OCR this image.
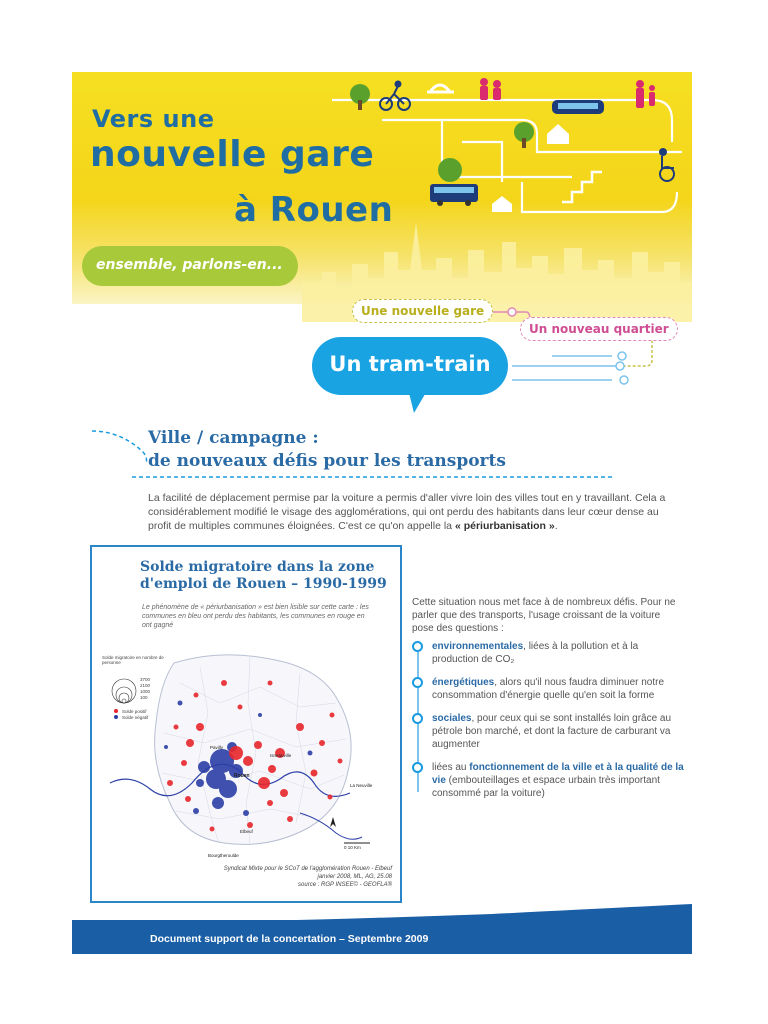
Vers une
nouvelle gare
à Rouen
ensemble, parlons-en...
Une nouvelle gare
Un nouveau quartier
Un tram-train
Ville / campagne :
de nouveaux défis pour les transports

La facilité de déplacement permise par la voiture a permis d'aller vivre loin des villes tout en y travaillant. Cela a considérablement modifié le visage des agglomérations, qui ont perdu des habitants dans leur cœur dense au profit de multiples communes éloignées. C'est ce qu'on appelle la « périurbanisation ».

Solde migratoire dans la zone
d'emploi de Rouen – 1990-1999
Le phénomène de « périurbanisation » est bien lisible sur cette carte : les communes en bleu ont perdu des habitants, les communes en rouge en ont gagné
Solde migratoire en nombre de personne
3700
2100
1000
100
Solde positif
Solde négatif
Pavilly
Isneauville
Rouen
La Neuville
Elbeuf
Bourgtheroulde
0 10 Km
Syndicat Mixte pour le SCoT de l'agglomération Rouen - Elbeuf
janvier 2008, ML, AG, 25.08
source : RGP INSEE© - GEOFLA®
Cette situation nous met face à de nombreux défis. Pour ne parler que des transports, l'usage croissant de la voiture pose des questions :
environnementales, liées à la pollution et à la production de CO₂
énergétiques, alors qu'il nous faudra diminuer notre consommation d'énergie quelle qu'en soit la forme
sociales, pour ceux qui se sont installés loin grâce au pétrole bon marché, et dont la facture de carburant va augmenter
liées au fonctionnement de la ville et à la qualité de la vie (embouteillages et espace urbain très important consommé par la voiture)
Document support de la concertation – Septembre 2009
